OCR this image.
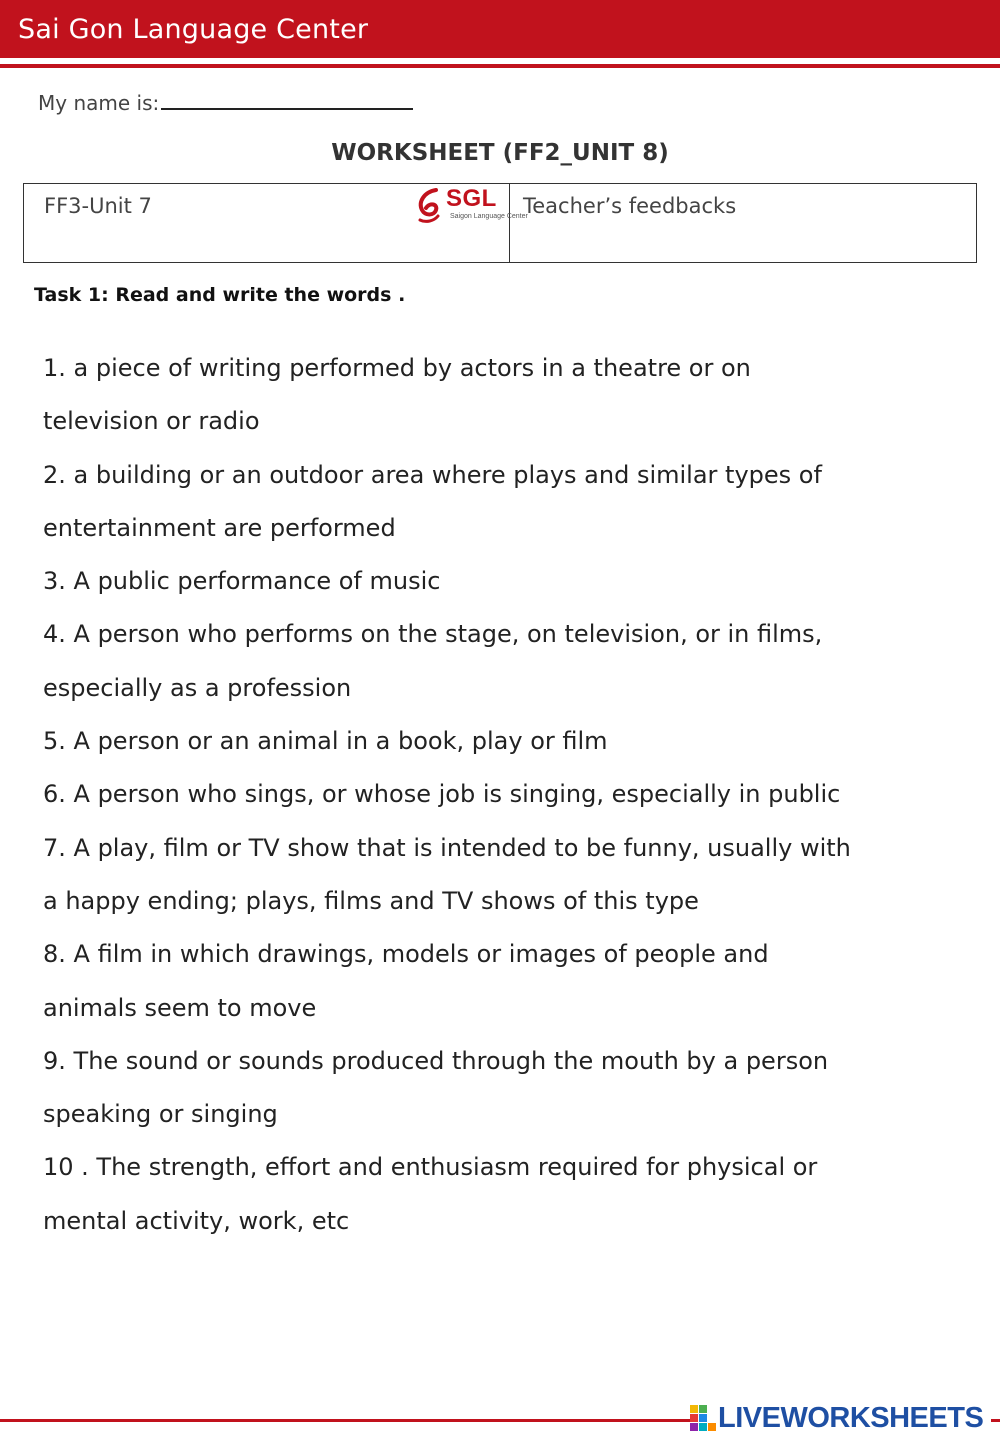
Sai Gon Language Center
My name is:
WORKSHEET (FF2_UNIT 8)
FF3-Unit 7	SGL
Saigon Language Center
Teacher’s feedbacks
Task 1: Read and write the words .

1. a piece of writing performed by actors in a theatre or on

television or radio

2. a building or an outdoor area where plays and similar types of

entertainment are performed

3. A public performance of music

4. A person who performs on the stage, on television, or in films,

especially as a profession

5. A person or an animal in a book, play or film

6. A person who sings, or whose job is singing, especially in public

7. A play, film or TV show that is intended to be funny, usually with

a happy ending; plays, films and TV shows of this type

8. A film in which drawings, models or images of people and

animals seem to move

9. The sound or sounds produced through the mouth by a person

speaking or singing

10 . The strength, effort and enthusiasm required for physical or

mental activity, work, etc

LIVEWORKSHEETS
